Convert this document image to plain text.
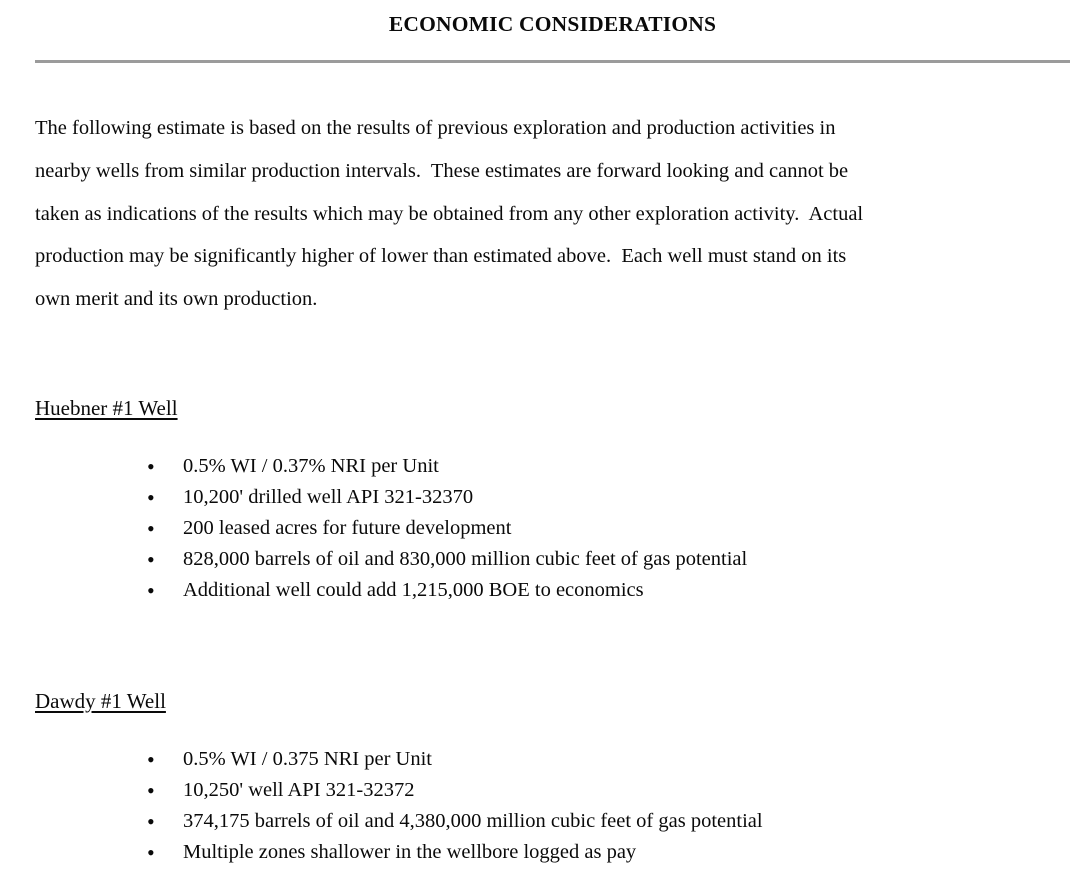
ECONOMIC CONSIDERATIONS
The following estimate is based on the results of previous exploration and production activities in
nearby wells from similar production intervals.  These estimates are forward looking and cannot be
taken as indications of the results which may be obtained from any other exploration activity.  Actual
production may be significantly higher of lower than estimated above.  Each well must stand on its
own merit and its own production.
Huebner #1 Well
• 0.5% WI / 0.37% NRI per Unit
• 10,200' drilled well API 321-32370
• 200 leased acres for future development
• 828,000 barrels of oil and 830,000 million cubic feet of gas potential
• Additional well could add 1,215,000 BOE to economics
Dawdy #1 Well
• 0.5% WI / 0.375 NRI per Unit
• 10,250' well API 321-32372
• 374,175 barrels of oil and 4,380,000 million cubic feet of gas potential
• Multiple zones shallower in the wellbore logged as pay
